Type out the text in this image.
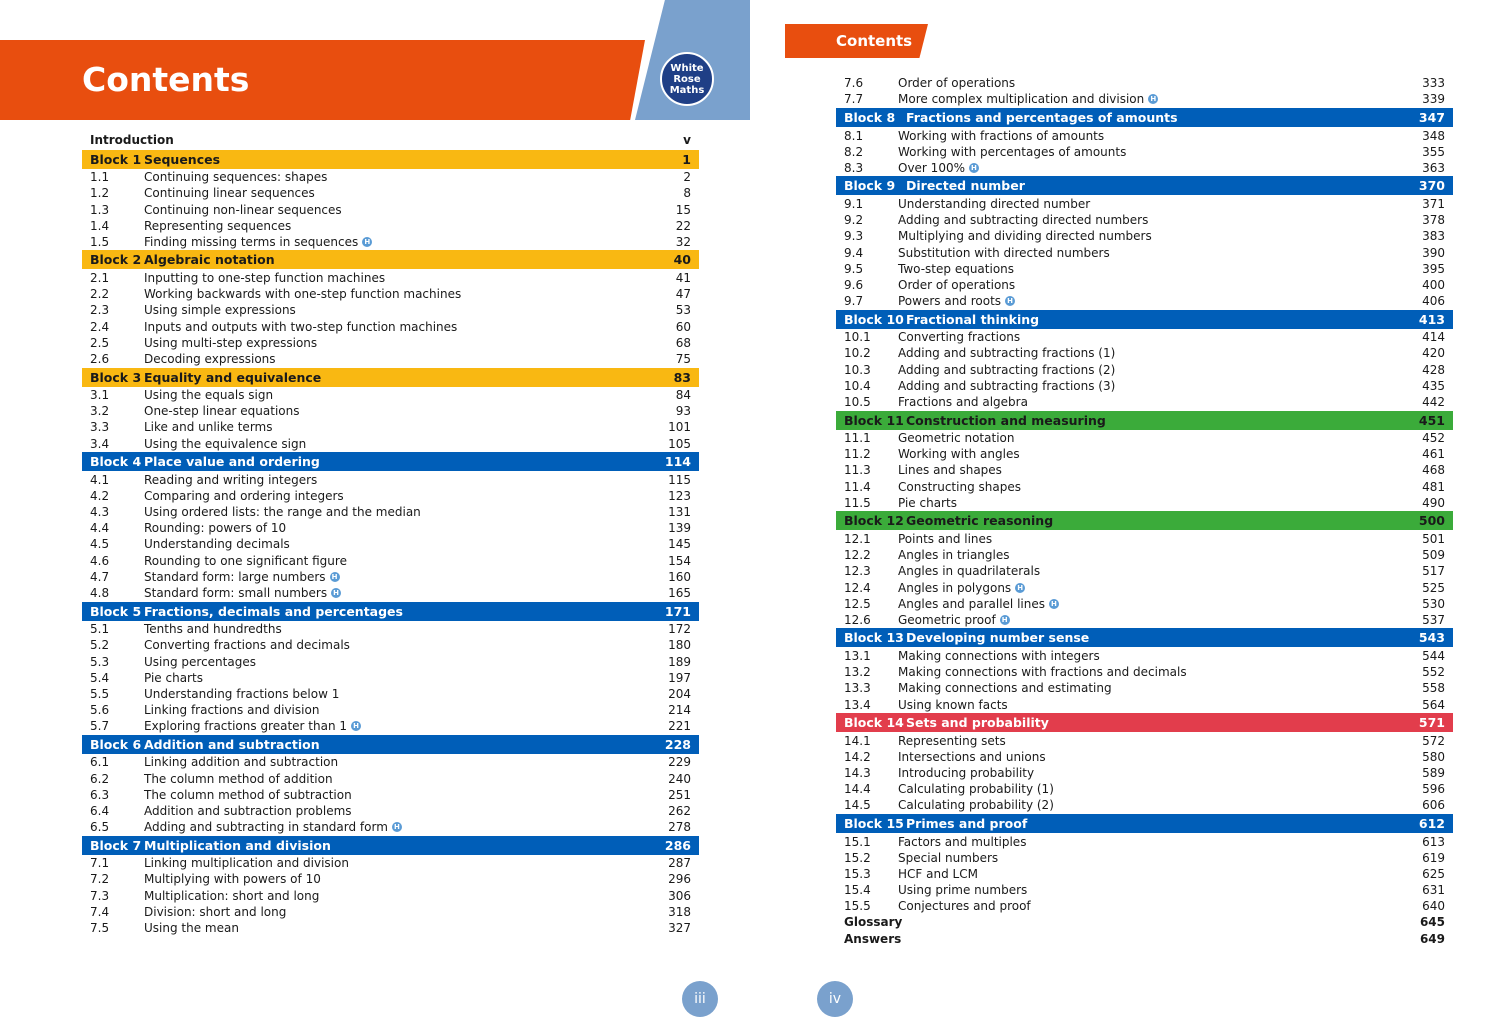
Contents	White
Rose
Maths
Introduction	v
Block 1 Sequences	1
1.1	Continuing sequences: shapes	2
1.2	Continuing linear sequences	8
1.3	Continuing non-linear sequences	15
1.4	Representing sequences	22
1.5	Finding missing terms in sequences H	32
Block 2 Algebraic notation	40
2.1	Inputting to one-step function machines	41
2.2	Working backwards with one-step function machines	47
2.3	Using simple expressions	53
2.4	Inputs and outputs with two-step function machines	60
2.5	Using multi-step expressions	68
2.6	Decoding expressions	75
Block 3 Equality and equivalence	83
3.1	Using the equals sign	84
3.2	One-step linear equations	93
3.3	Like and unlike terms	101
3.4	Using the equivalence sign	105
Block 4 Place value and ordering	114
4.1	Reading and writing integers	115
4.2	Comparing and ordering integers	123
4.3	Using ordered lists: the range and the median	131
4.4	Rounding: powers of 10	139
4.5	Understanding decimals	145
4.6	Rounding to one significant figure	154
4.7	Standard form: large numbers H	160
4.8	Standard form: small numbers H	165
Block 5 Fractions, decimals and percentages	171
5.1	Tenths and hundredths	172
5.2	Converting fractions and decimals	180
5.3	Using percentages	189
5.4	Pie charts	197
5.5	Understanding fractions below 1	204
5.6	Linking fractions and division	214
5.7	Exploring fractions greater than 1 H	221
Block 6 Addition and subtraction	228
6.1	Linking addition and subtraction	229
6.2	The column method of addition	240
6.3	The column method of subtraction	251
6.4	Addition and subtraction problems	262
6.5	Adding and subtracting in standard form H	278
Block 7 Multiplication and division	286
7.1	Linking multiplication and division	287
7.2	Multiplying with powers of 10	296
7.3	Multiplication: short and long	306
7.4	Division: short and long	318
7.5	Using the mean	327
iii
Contents
7.6	Order of operations	333
7.7	More complex multiplication and division H	339
Block 8 Fractions and percentages of amounts	347
8.1	Working with fractions of amounts	348
8.2	Working with percentages of amounts	355
8.3	Over 100% H	363
Block 9 Directed number	370
9.1	Understanding directed number	371
9.2	Adding and subtracting directed numbers	378
9.3	Multiplying and dividing directed numbers	383
9.4	Substitution with directed numbers	390
9.5	Two-step equations	395
9.6	Order of operations	400
9.7	Powers and roots H	406
Block 10 Fractional thinking	413
10.1	Converting fractions	414
10.2	Adding and subtracting fractions (1)	420
10.3	Adding and subtracting fractions (2)	428
10.4	Adding and subtracting fractions (3)	435
10.5	Fractions and algebra	442
Block 11 Construction and measuring	451
11.1	Geometric notation	452
11.2	Working with angles	461
11.3	Lines and shapes	468
11.4	Constructing shapes	481
11.5	Pie charts	490
Block 12 Geometric reasoning	500
12.1	Points and lines	501
12.2	Angles in triangles	509
12.3	Angles in quadrilaterals	517
12.4	Angles in polygons H	525
12.5	Angles and parallel lines H	530
12.6	Geometric proof H	537
Block 13 Developing number sense	543
13.1	Making connections with integers	544
13.2	Making connections with fractions and decimals	552
13.3	Making connections and estimating	558
13.4	Using known facts	564
Block 14 Sets and probability	571
14.1	Representing sets	572
14.2	Intersections and unions	580
14.3	Introducing probability	589
14.4	Calculating probability (1)	596
14.5	Calculating probability (2)	606
Block 15 Primes and proof	612
15.1	Factors and multiples	613
15.2	Special numbers	619
15.3	HCF and LCM	625
15.4	Using prime numbers	631
15.5	Conjectures and proof	640
Glossary	645
Answers	649
iv
